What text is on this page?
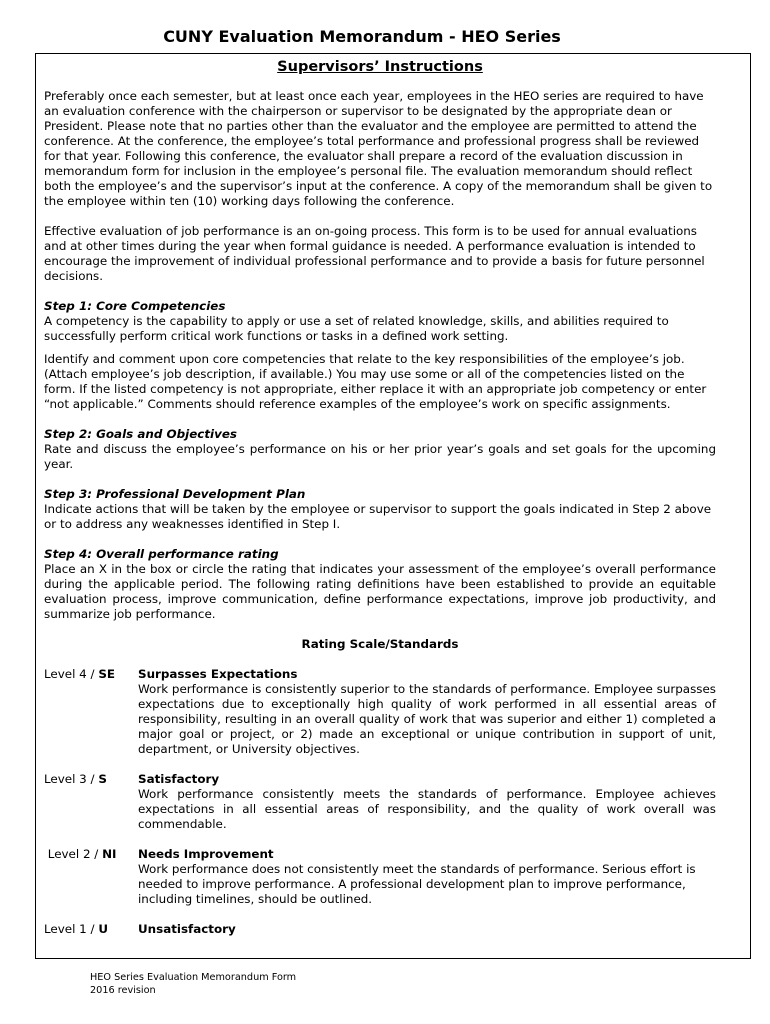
CUNY Evaluation Memorandum - HEO Series
Supervisors’ Instructions

Preferably once each semester, but at least once each year, employees in the HEO series are required to have an evaluation conference with the chairperson or supervisor to be designated by the appropriate dean or President. Please note that no parties other than the evaluator and the employee are permitted to attend the conference. At the conference, the employee’s total performance and professional progress shall be reviewed for that year. Following this conference, the evaluator shall prepare a record of the evaluation discussion in memorandum form for inclusion in the employee’s personal file. The evaluation memorandum should reflect both the employee’s and the supervisor’s input at the conference. A copy of the memorandum shall be given to the employee within ten (10) working days following the conference.

Effective evaluation of job performance is an on-going process. This form is to be used for annual evaluations and at other times during the year when formal guidance is needed. A performance evaluation is intended to encourage the improvement of individual professional performance and to provide a basis for future personnel decisions.

Step 1: Core Competencies

A competency is the capability to apply or use a set of related knowledge, skills, and abilities required to successfully perform critical work functions or tasks in a defined work setting.

Identify and comment upon core competencies that relate to the key responsibilities of the employee’s job. (Attach employee’s job description, if available.) You may use some or all of the competencies listed on the form. If the listed competency is not appropriate, either replace it with an appropriate job competency or enter “not applicable.” Comments should reference examples of the employee’s work on specific assignments.

Step 2: Goals and Objectives

Rate and discuss the employee’s performance on his or her prior year’s goals and set goals for the upcoming year.

Step 3: Professional Development Plan

Indicate actions that will be taken by the employee or supervisor to support the goals indicated in Step 2 above or to address any weaknesses identified in Step I.

Step 4: Overall performance rating

Place an X in the box or circle the rating that indicates your assessment of the employee’s overall performance during the applicable period. The following rating definitions have been established to provide an equitable evaluation process, improve communication, define performance expectations, improve job productivity, and summarize job performance.

Rating Scale/Standards

Level 4 / SE	Surpasses Expectations
Work performance is consistently superior to the standards of performance. Employee surpasses expectations due to exceptionally high quality of work performed in all essential areas of responsibility, resulting in an overall quality of work that was superior and either 1) completed a major goal or project, or 2) made an exceptional or unique contribution in support of unit, department, or University objectives.
Level 3 / S	Satisfactory
Work performance consistently meets the standards of performance. Employee achieves expectations in all essential areas of responsibility, and the quality of work overall was commendable.
Level 2 / NI	Needs Improvement
Work performance does not consistently meet the standards of performance. Serious effort is needed to improve performance. A professional development plan to improve performance, including timelines, should be outlined.
Level 1 / U	Unsatisfactory
HEO Series Evaluation Memorandum Form
2016 revision
